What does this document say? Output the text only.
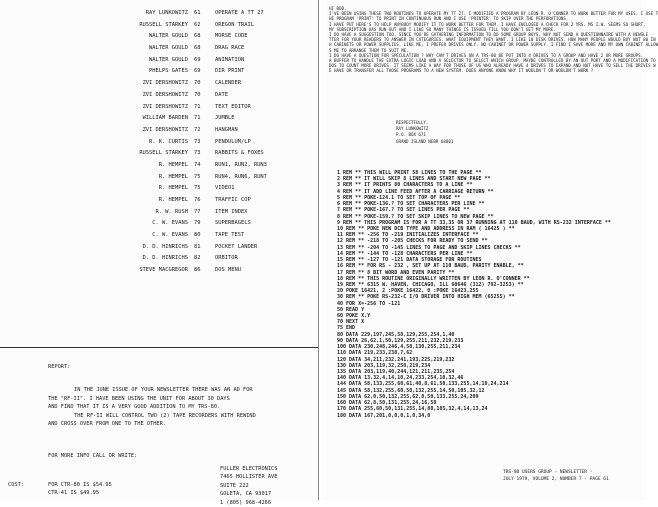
RAY LUNKOWITZ 61	OPERATE A TT 27
RUSSELL STARKEY 62	OREGON TRAIL
WALTER GOULD 68	MORSE CODE
WALTER GOULD 68	DRAG RACE
WALTER GOULD 69	ANIMATION
PHELPS GATES 69	DIR PRINT
ZVI DERSHOWITZ 70	CALENDER
ZVI DERSHOWITZ 70	DATE
ZVI DERSHOWITZ 71	TEXT EDITOR
WILLIAM BARDEN 71	JUMBLE
ZVI DERSHOWITZ 72	HANGMAN
R. K. CURTIS 73	PENDULUM/LP
RUSSELL STARKEY 73	RABBITS & FOXES
R. HEMPEL 74	RUN1, RUN2, RUN3
R. HEMPEL 75	RUN4, RUN6, RUN7
R. HEMPEL 75	VIDEO1
R. HEMPEL 76	TRAFFIC COP
R. W. RUSH 77	ITEM INDEX
C. W. EVANS 79	SUPERBAGELS
C. W. EVANS 80	TAPE TEST
D. D. HINRICHS 81	POCKET LANDER
D. D. HINRICHS 82	ORBITOR
STEVE MACGREGOR 86	DOS MENU
REPORT:
IN THE JUNE ISSUE OF YOUR NEWSLETTER THERE WAS AN AD FOR
THE "RF-II". I HAVE BEEN USING THE UNIT FOR ABOUT 30 DAYS
AND FIND THAT IT IS A VERY GOOD ADDITION TO MY TRS-80.
THE RF-II WILL CONTROL TWO (2) TAPE RECORDERS WITH REWIND
AND CROSS OVER FROM ONE TO THE OTHER.
FOR MORE INFO CALL OR WRITE:
FULLER ELECTRONICS
7465 HOLLISTER AVE
SUITE 222
GOLETA, CA 93017
1 (805) 968-4266
COST:	FOR CTR-80 IS $54.95
CTR-41 IS $49.95
HI BOB,
I'VE BEEN USING THESE TWO ROUTINES TO OPERATE MY TT 27. I MODIFIED A PROGRAM BY LEON R. O'CONNER TO WORK BETTER FOR MY USES. I USE T
HE PROGRAM 'PRINT' TO PRINT IN CONTINUOUS RUN AND I USE 'PRINTER' TO SKIP OVER THE PERFORATIONS.
I HAVE PUT HERE'S TO HELP ANYBODY MODIFY IT TO WORK BETTER FOR THEM. I HAVE ENCLOSED A CHECK FOR 2 YRS. MS I.W. SEEMS SO SHORT.
MY SUBSCRIPTION HAS RUN OUT AND I LIKE SO MANY THINGS IS ISSUED TILL YOU DON'T GET MY MORE.
I DO HAVE A SUGGESTION TOO. SINCE YOU'RE GATHERING INFORMATION TO DO SOME GROUP BUYS, WHY NOT SEND A QUESTIONNAIRE WITH A NEWSLE
TTER FOR YOUR READERS TO ANSWER IN CATEGORIES. WHAT EQUIPMENT THEY WANT. I LIKE 10 DISK DRIVES. HOW MANY PEOPLE WOULD BUY NOT 80 IN
H CABINETS OR POWER SUPPLIES. LIKE ME, I PREFER DRIVES ONLY. NO CABINET OR POWER SUPPLY. I FIND I SAVE MORE AND MY OWN CABINET ALLOW
S ME TO ARRANGE THEM TO SUIT ME.
I DO HAVE A QUESTION FOR SPECULATION ? WHY CAN'T DRIVES ON A TRS-80 BE PUT INTO 4 DRIVES TO A GROUP AND HAVE 2 OR MORE GROUPS.
A BUFFER TO HANDLE THE EXTRA LOGIC LOAD AND A SELECTOR TO SELECT WHICH GROUP. MAYBE CONTROLLED BY AN OUT PORT AND A MODIFICATION TO
DOS TO COUNT MORE DRIVES. IT SEEMS LIKE A WAY FOR THOSE OF US WHO ALREADY HAVE 4 DRIVES TO EXPAND AND NOT HAVE TO SELL THE DRIVES W
E HAVE OR TRANSFER ALL THOSE PROGRAMS TO A NEW SYSTEM. DOES ANYONE KNOW WHY IT WOULDN'T OR WOULDN'T WORK ?
RESPECTFULLY,
RAY LUNKOWITZ
P.O. BOX 671
GRAND ISLAND NEBR 68801
1 REM ** THIS WILL PRINT 58 LINES TO THE PAGE **
2 REM ** IT WILL SKIP 8 LINES AND START NEW PAGE **
3 REM ** IT PRINTS 80 CHARACTERS TO A LINE **
4 REM ** IT ADD LINE FEED AFTER A CARRIAGE RETURN **
5 REM ** POKE-124.1 TO SET TOP OF PAGE **
6 REM ** POKE-136.? TO SET CHARACTERS PER LINE **
7 REM ** POKE-167.? TO SET LINES PER PAGE **
8 REM ** POKE-159.? TO SET SKIP LINES TO NEW PAGE **
9 REM ** THIS PROGRAM IS FOR A TT 33,35 OR 37 RUNNING AT 110 BAUD, WITH RS-232 INTERFACE **
10 REM ** POKE NEW DCB TYPE AND ADDRESS IN RAM ( 16425 ) **
11 REM ** -256 TO -219 INITIALIZES INTERFACE **
12 REM ** -218 TO -205 CHECKS FOR READY TO SEND **
13 REM ** -204 TO -145 LINES TO PAGE AND SKIP LINES CHECKS **
14 REM ** -144 TO -128 CHARACTERS PER LINE **
15 REM ** -127 TO -121 DATA STORAGE FOR ROUTINES
16 REM ** FOR RS - 232 , SET UP AT 110 BAUD, PARITY ENABLE, **
17 REM ** 8 BIT WORD AND EVEN PARITY **
18 REM ** THIS ROUTINE ORIGINALLY WRITTEN BY LEON R. O'CONNER **
19 REM ** 6315 W. HAVEN, CHICAGO, ILL 60646 (312) 792-3253) **
20 POKE 16421, 2 :POKE 16422, 0 :POKE 16423,255
30 REM ** POKE RS-232-C I/O DRIVER INTO HIGH MEM (65255) **
40 FOR X=-256 TO -121
50 READ Y
60 POKE X,Y
70 NEXT X
75 END
80 DATA 229,197,245,58,129,255,254,1,40
90 DATA 26,62,1,50,129,255,211,232,219,233
100 DATA 230,248,246,4,50,130,255,211,234
110 DATA 219,233,238,7,62
120 DATA 34,211,232,241,193,225,219,232
130 DATA 203,119,32,250,219,234
135 DATA 203,119,40,244,121,211,235,254
140 DATA 13,32,4,14,10,24,233,254,10,32,46
144 DATA 58,133,255,60,61,40,8,61,50,133,255,14,10,24,214
145 DATA 58,132,255,60,50,132,255,14,50,105,32,12
150 DATA 62,0,50,132,255,62,8,50,133,255,24,209
160 DATA 62,8,50,131,255,24,16,58
170 DATA 255,60,50,131,255,14,80,185,32,4,14,13,24
180 DATA 167,201,0,0,0,1,0,34,0
TRS-80 USERS GROUP - NEWSLETTER -
JULY 1979, VOLUME 2, NUMBER 7 - PAGE 61
